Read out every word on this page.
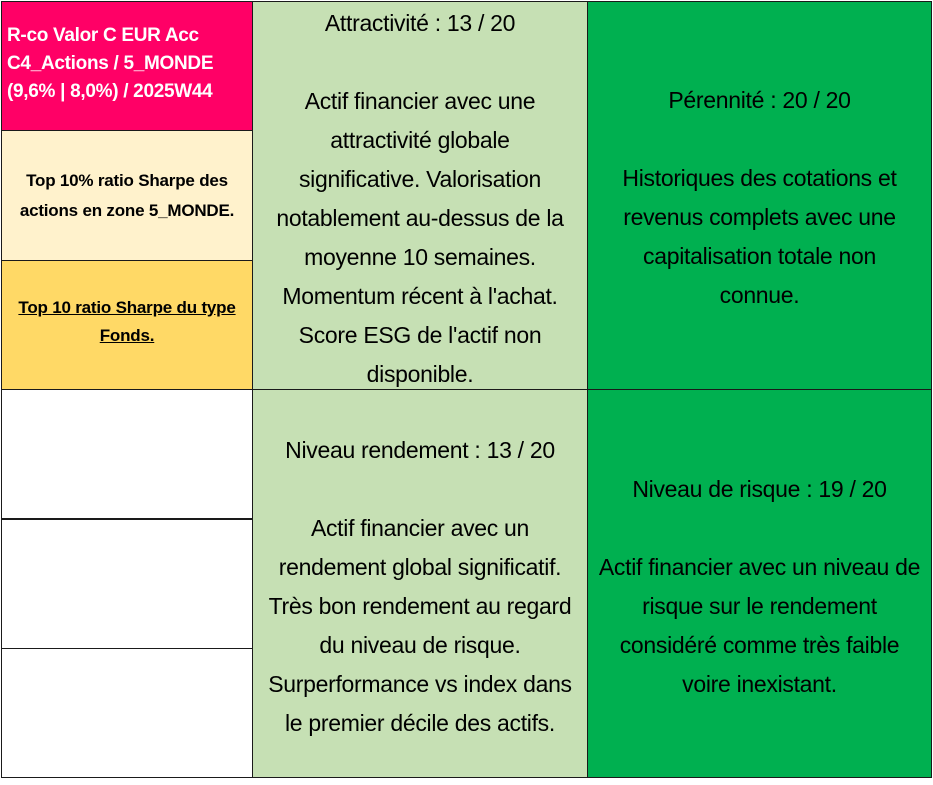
R-co Valor C EUR Acc
C4_Actions / 5_MONDE
(9,6% | 8,0%) / 2025W44
Top 10% ratio Sharpe des
actions en zone 5_MONDE.
Top 10 ratio Sharpe du type
Fonds.
Attractivité : 13 / 20
Actif financier avec une
attractivité globale
significative. Valorisation
notablement au-dessus de la
moyenne 10 semaines.
Momentum récent à l'achat.
Score ESG de l'actif non
disponible.
Pérennité : 20 / 20
Historiques des cotations et
revenus complets avec une
capitalisation totale non
connue.
Niveau rendement : 13 / 20
Actif financier avec un
rendement global significatif.
Très bon rendement au regard
du niveau de risque.
Surperformance vs index dans
le premier décile des actifs.
Niveau de risque : 19 / 20
Actif financier avec un niveau de
risque sur le rendement
considéré comme très faible
voire inexistant.
